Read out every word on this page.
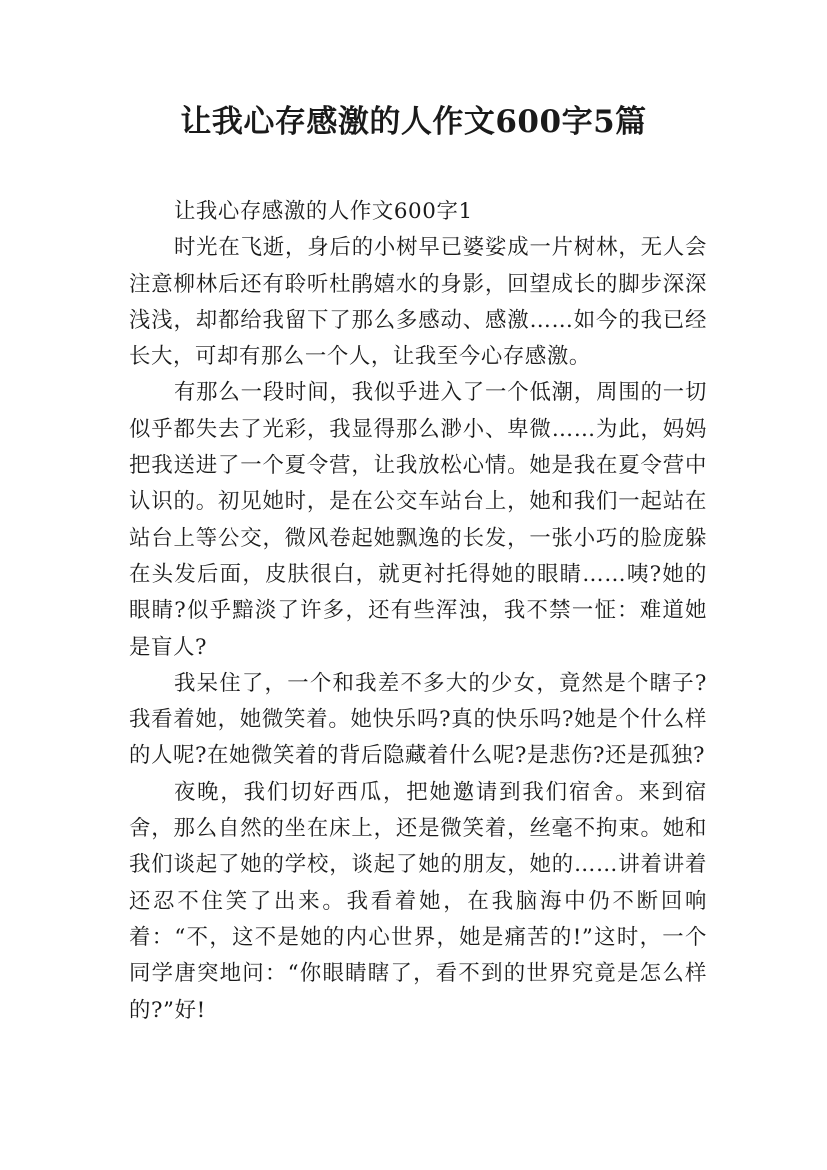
让我心存感激的人作文600字5篇

让我心存感激的人作文600字1

时光在飞逝，身后的小树早已婆娑成一片树林，无人会注意柳林后还有聆听杜鹃嬉水的身影，回望成长的脚步深深浅浅，却都给我留下了那么多感动、感激……如今的我已经长大，可却有那么一个人，让我至今心存感激。

有那么一段时间，我似乎进入了一个低潮，周围的一切似乎都失去了光彩，我显得那么渺小、卑微……为此，妈妈把我送进了一个夏令营，让我放松心情。她是我在夏令营中认识的。初见她时，是在公交车站台上，她和我们一起站在站台上等公交，微风卷起她飘逸的长发，一张小巧的脸庞躲在头发后面，皮肤很白，就更衬托得她的眼睛……咦?她的眼睛?似乎黯淡了许多，还有些浑浊，我不禁一怔：难道她是盲人?

我呆住了，一个和我差不多大的少女，竟然是个瞎子?我看着她，她微笑着。她快乐吗?真的快乐吗?她是个什么样的人呢?在她微笑着的背后隐藏着什么呢?是悲伤?还是孤独?

夜晚，我们切好西瓜，把她邀请到我们宿舍。来到宿舍，那么自然的坐在床上，还是微笑着，丝毫不拘束。她和我们谈起了她的学校，谈起了她的朋友，她的……讲着讲着还忍不住笑了出来。我看着她，在我脑海中仍不断回响着：“不，这不是她的内心世界，她是痛苦的!”这时，一个同学唐突地问：“你眼睛瞎了，看不到的世界究竟是怎么样的?”好!
